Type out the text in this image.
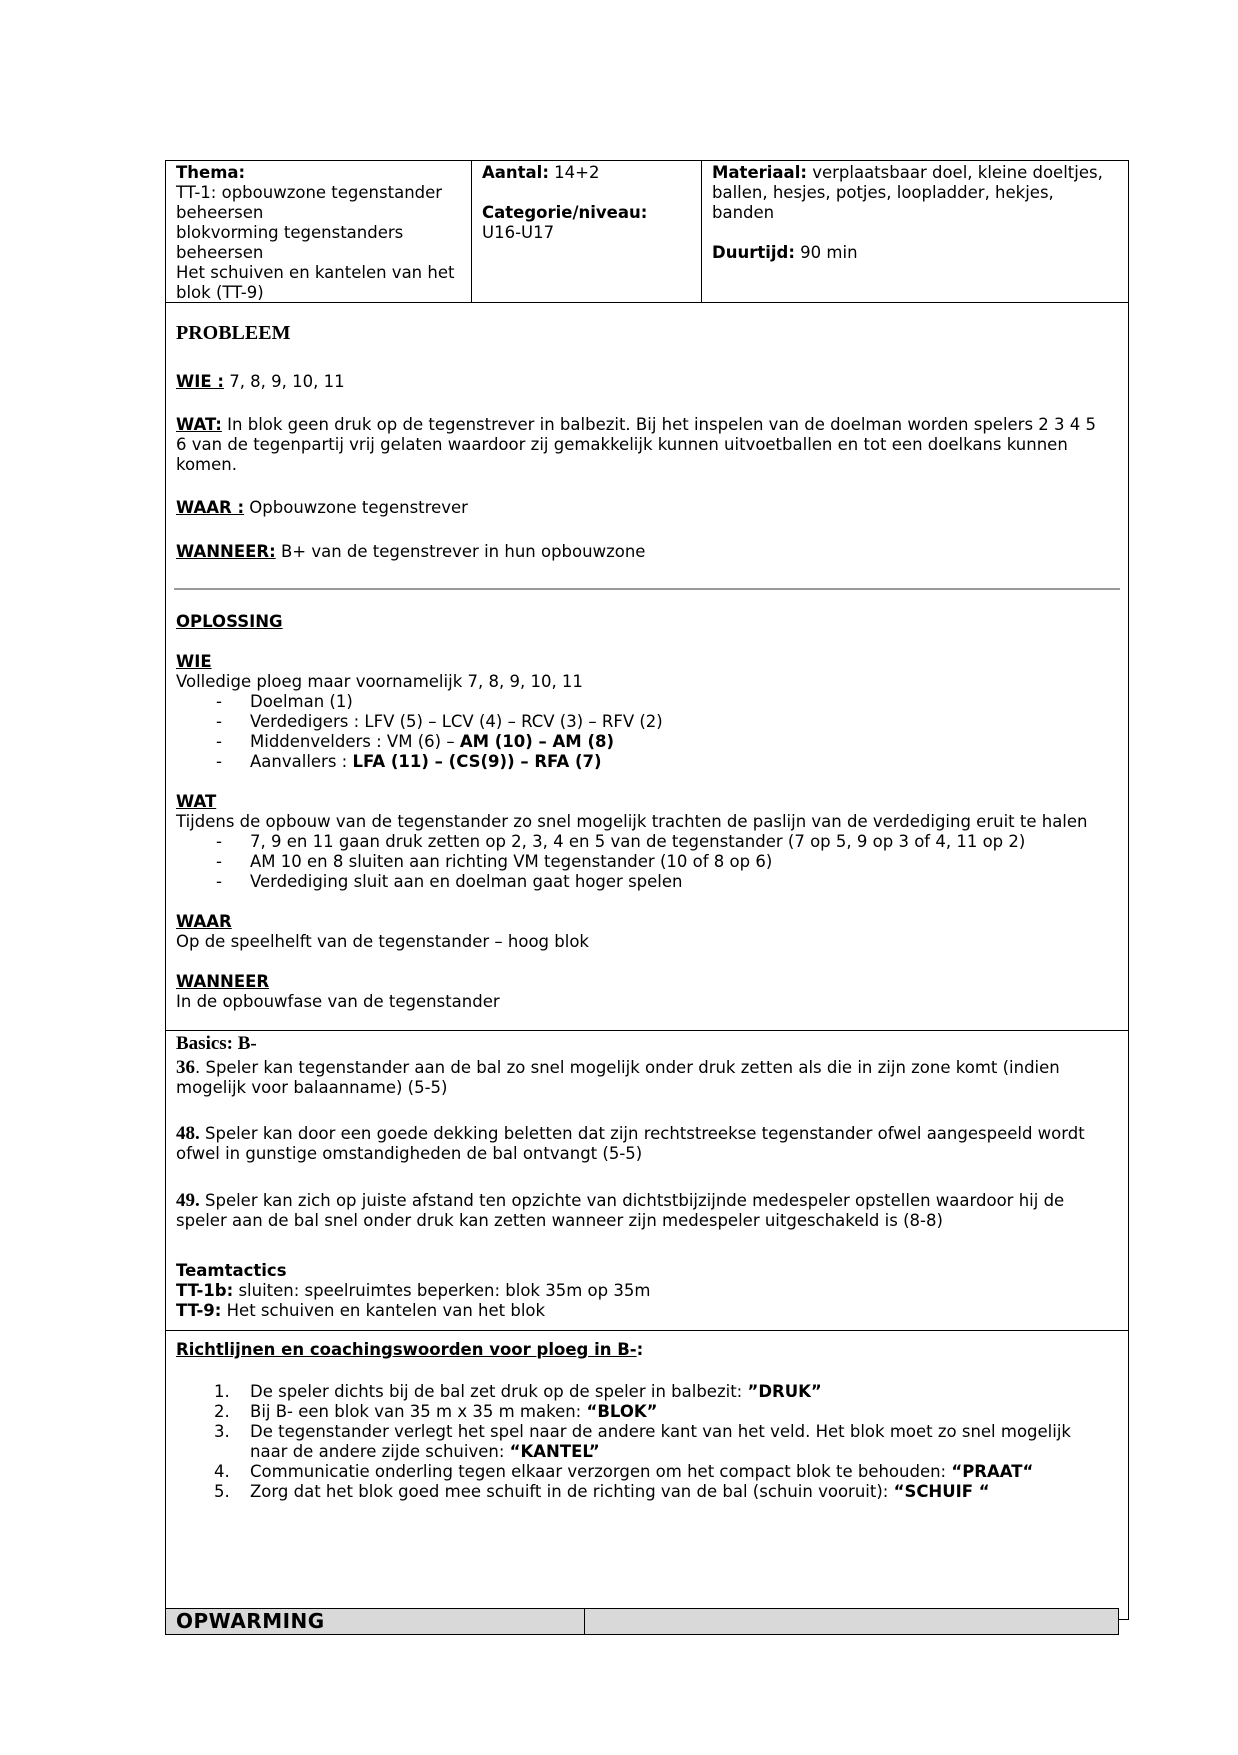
Thema:
TT-1: opbouwzone tegenstander
beheersen
blokvorming tegenstanders
beheersen
Het schuiven en kantelen van het
blok (TT-9)
Aantal: 14+2
Categorie/niveau:
U16-U17
Materiaal: verplaatsbaar doel, kleine doeltjes,
ballen, hesjes, potjes, loopladder, hekjes,
banden
Duurtijd: 90 min
PROBLEEM
WIE : 7, 8, 9, 10, 11
WAT: In blok geen druk op de tegenstrever in balbezit. Bij het inspelen van de doelman worden spelers 2 3 4 5
6 van de tegenpartij vrij gelaten waardoor zij gemakkelijk kunnen uitvoetballen en tot een doelkans kunnen
komen.
WAAR : Opbouwzone tegenstrever
WANNEER: B+ van de tegenstrever in hun opbouwzone
OPLOSSING
WIE
Volledige ploeg maar voornamelijk 7, 8, 9, 10, 11
- Doelman (1)
- Verdedigers : LFV (5) – LCV (4) – RCV (3) – RFV (2)
- Middenvelders : VM (6) – AM (10) – AM (8)
- Aanvallers : LFA (11) – (CS(9)) – RFA (7)
WAT
Tijdens de opbouw van de tegenstander zo snel mogelijk trachten de paslijn van de verdediging eruit te halen
- 7, 9 en 11 gaan druk zetten op 2, 3, 4 en 5 van de tegenstander (7 op 5, 9 op 3 of 4, 11 op 2)
- AM 10 en 8 sluiten aan richting VM tegenstander (10 of 8 op 6)
- Verdediging sluit aan en doelman gaat hoger spelen
WAAR
Op de speelhelft van de tegenstander – hoog blok
WANNEER
In de opbouwfase van de tegenstander
Basics: B-
36. Speler kan tegenstander aan de bal zo snel mogelijk onder druk zetten als die in zijn zone komt (indien
mogelijk voor balaanname) (5-5)
48. Speler kan door een goede dekking beletten dat zijn rechtstreekse tegenstander ofwel aangespeeld wordt
ofwel in gunstige omstandigheden de bal ontvangt (5-5)
49. Speler kan zich op juiste afstand ten opzichte van dichtstbijzijnde medespeler opstellen waardoor hij de
speler aan de bal snel onder druk kan zetten wanneer zijn medespeler uitgeschakeld is (8-8)
Teamtactics
TT-1b: sluiten: speelruimtes beperken: blok 35m op 35m
TT-9: Het schuiven en kantelen van het blok
Richtlijnen en coachingswoorden voor ploeg in B-:
1. De speler dichts bij de bal zet druk op de speler in balbezit: ”DRUK”
2. Bij B- een blok van 35 m x 35 m maken: “BLOK”
3. De tegenstander verlegt het spel naar de andere kant van het veld. Het blok moet zo snel mogelijk
naar de andere zijde schuiven: “KANTEL”
4. Communicatie onderling tegen elkaar verzorgen om het compact blok te behouden: “PRAAT“
5. Zorg dat het blok goed mee schuift in de richting van de bal (schuin vooruit): “SCHUIF “
OPWARMING
